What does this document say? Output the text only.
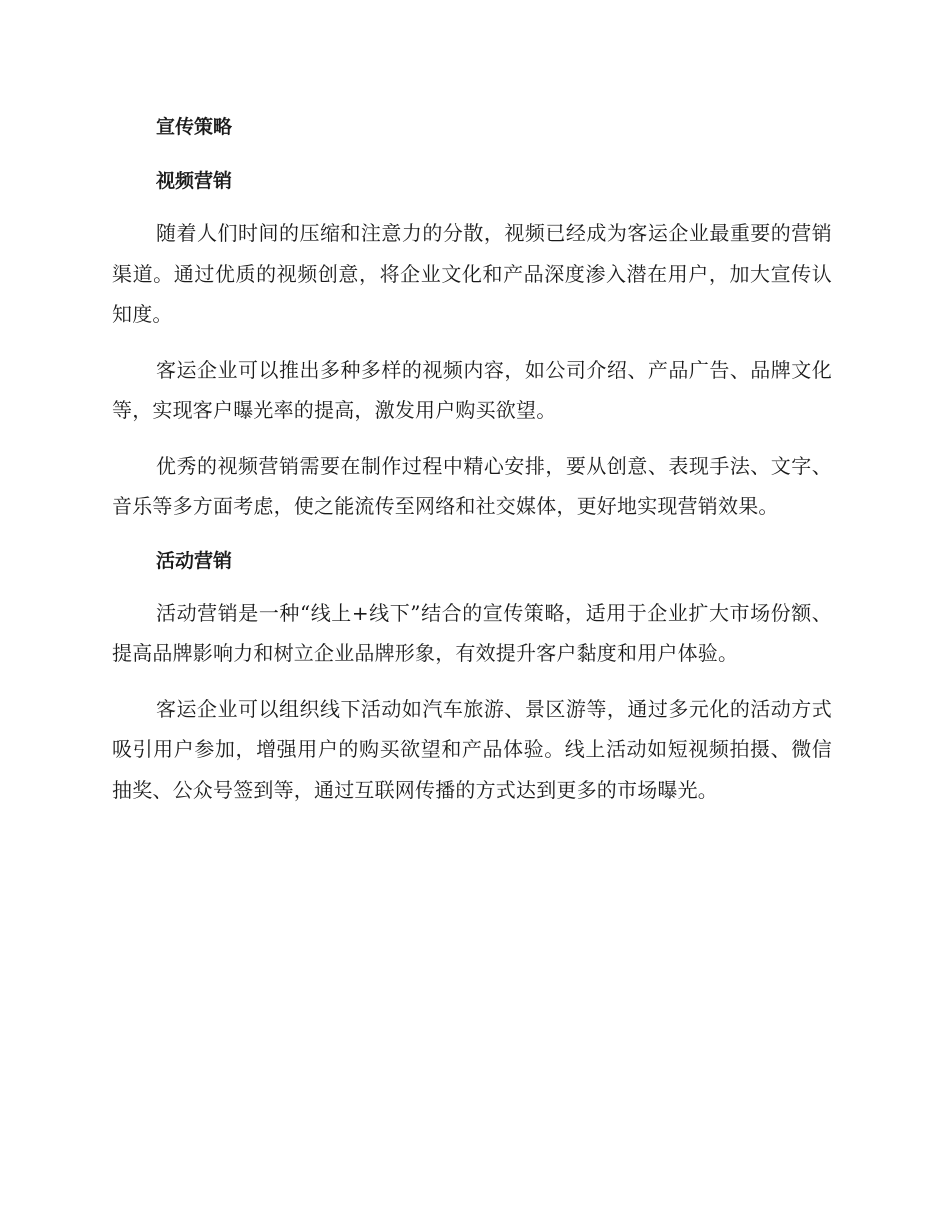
宣传策略
视频营销

随着人们时间的压缩和注意力的分散，视频已经成为客运企业最重要的营销渠道。通过优质的视频创意，将企业文化和产品深度渗入潜在用户，加大宣传认知度。

客运企业可以推出多种多样的视频内容，如公司介绍、产品广告、品牌文化等，实现客户曝光率的提高，激发用户购买欲望。

优秀的视频营销需要在制作过程中精心安排，要从创意、表现手法、文字、音乐等多方面考虑，使之能流传至网络和社交媒体，更好地实现营销效果。

活动营销

活动营销是一种“线上+线下”结合的宣传策略，适用于企业扩大市场份额、提高品牌影响力和树立企业品牌形象，有效提升客户黏度和用户体验。

客运企业可以组织线下活动如汽车旅游、景区游等，通过多元化的活动方式吸引用户参加，增强用户的购买欲望和产品体验。线上活动如短视频拍摄、微信抽奖、公众号签到等，通过互联网传播的方式达到更多的市场曝光。
